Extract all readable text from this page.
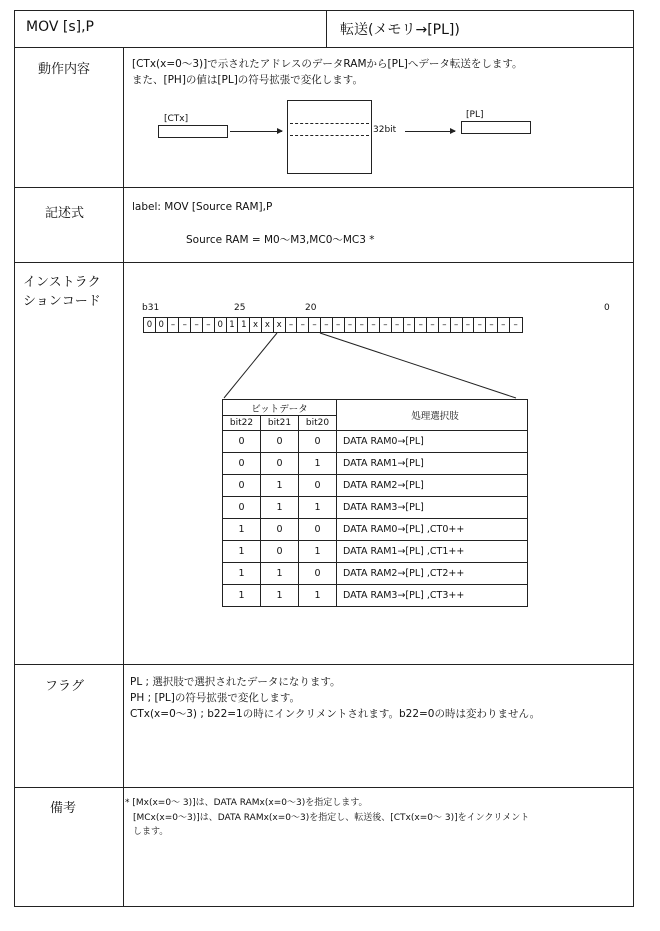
MOV [s],P	転送(メモリ→[PL])
動作内容	[CTx(x=0～3)]で示されたアドレスのデータRAMから[PL]へデータ転送をします。
また、[PH]の値は[PL]の符号拡張で変化します。
[CTx]
32bit
[PL]
記述式	label: MOV [Source RAM],P
Source RAM = M0～M3,MC0～MC3 *
インストラク
ションコード	b31	25	20	0
0 0 – – – – 0 1 1 x x x – – – – – – – – – – – – – – – – – – – –
ビットデータ			処理選択肢
bit22	bit21	bit20	
0	0	0	DATA RAM0→[PL]
0	0	1	DATA RAM1→[PL]
0	1	0	DATA RAM2→[PL]
0	1	1	DATA RAM3→[PL]
1	0	0	DATA RAM0→[PL] ,CT0++
1	0	1	DATA RAM1→[PL] ,CT1++
1	1	0	DATA RAM2→[PL] ,CT2++
1	1	1	DATA RAM3→[PL] ,CT3++
フラグ	PL ; 選択肢で選択されたデータになります。
PH ; [PL]の符号拡張で変化します。
CTx(x=0～3) ; b22=1の時にインクリメントされます。b22=0の時は変わりません。
備考	* [Mx(x=0～ 3)]は、DATA RAMx(x=0～3)を指定します。
[MCx(x=0～3)]は、DATA RAMx(x=0～3)を指定し、転送後、[CTx(x=0～ 3)]をインクリメント
します。
